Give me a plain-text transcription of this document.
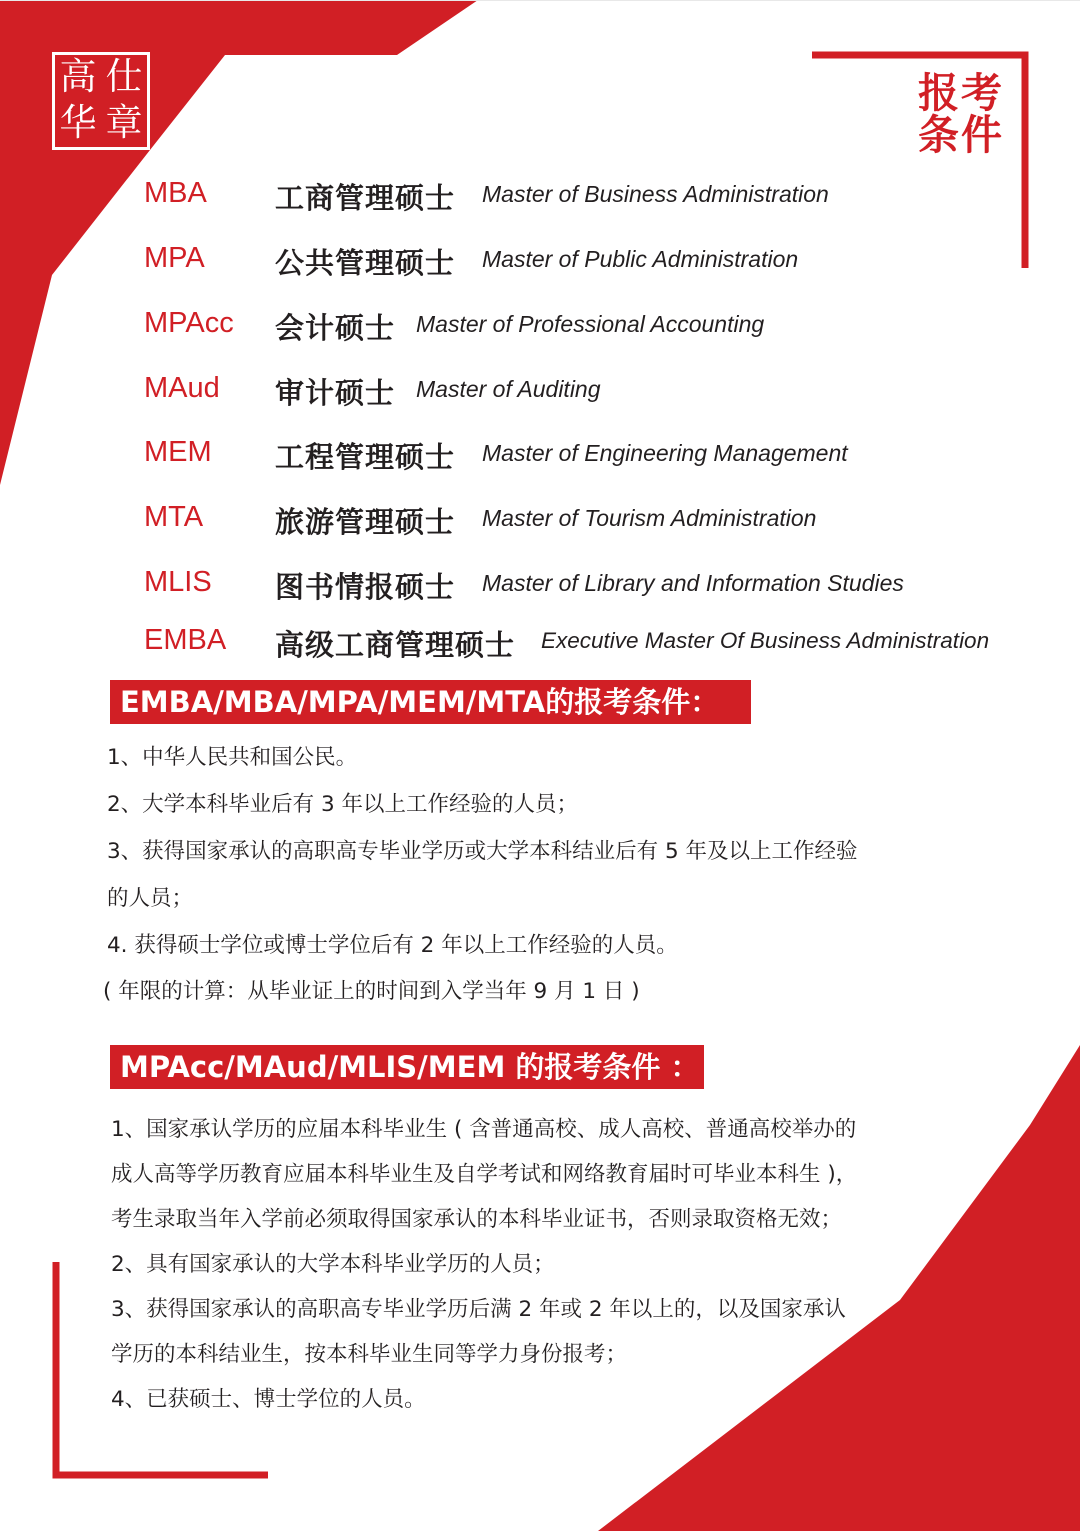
高 仕
华 章
报考
条件
MBA 工商管理硕士 Master of Business Administration
MPA 公共管理硕士 Master of Public Administration
MPAcc 会计硕士 Master of Professional Accounting
MAud 审计硕士 Master of Auditing
MEM 工程管理硕士 Master of Engineering Management
MTA 旅游管理硕士 Master of Tourism Administration
MLIS 图书情报硕士 Master of Library and Information Studies
EMBA 高级工商管理硕士 Executive Master Of Business Administration
EMBA/MBA/MPA/MEM/MTA的报考条件：
1、中华人民共和国公民。
2、大学本科毕业后有 3 年以上工作经验的人员；
3、获得国家承认的高职高专毕业学历或大学本科结业后有 5 年及以上工作经验
的人员；
4. 获得硕士学位或博士学位后有 2 年以上工作经验的人员。
( 年限的计算：从毕业证上的时间到入学当年 9 月 1 日 )
MPAcc/MAud/MLIS/MEM 的报考条件 ：
1、国家承认学历的应届本科毕业生 ( 含普通高校、成人高校、普通高校举办的
成人高等学历教育应届本科毕业生及自学考试和网络教育届时可毕业本科生 )，
考生录取当年入学前必须取得国家承认的本科毕业证书，否则录取资格无效；
2、具有国家承认的大学本科毕业学历的人员；
3、获得国家承认的高职高专毕业学历后满 2 年或 2 年以上的，以及国家承认
学历的本科结业生，按本科毕业生同等学力身份报考；
4、已获硕士、博士学位的人员。
